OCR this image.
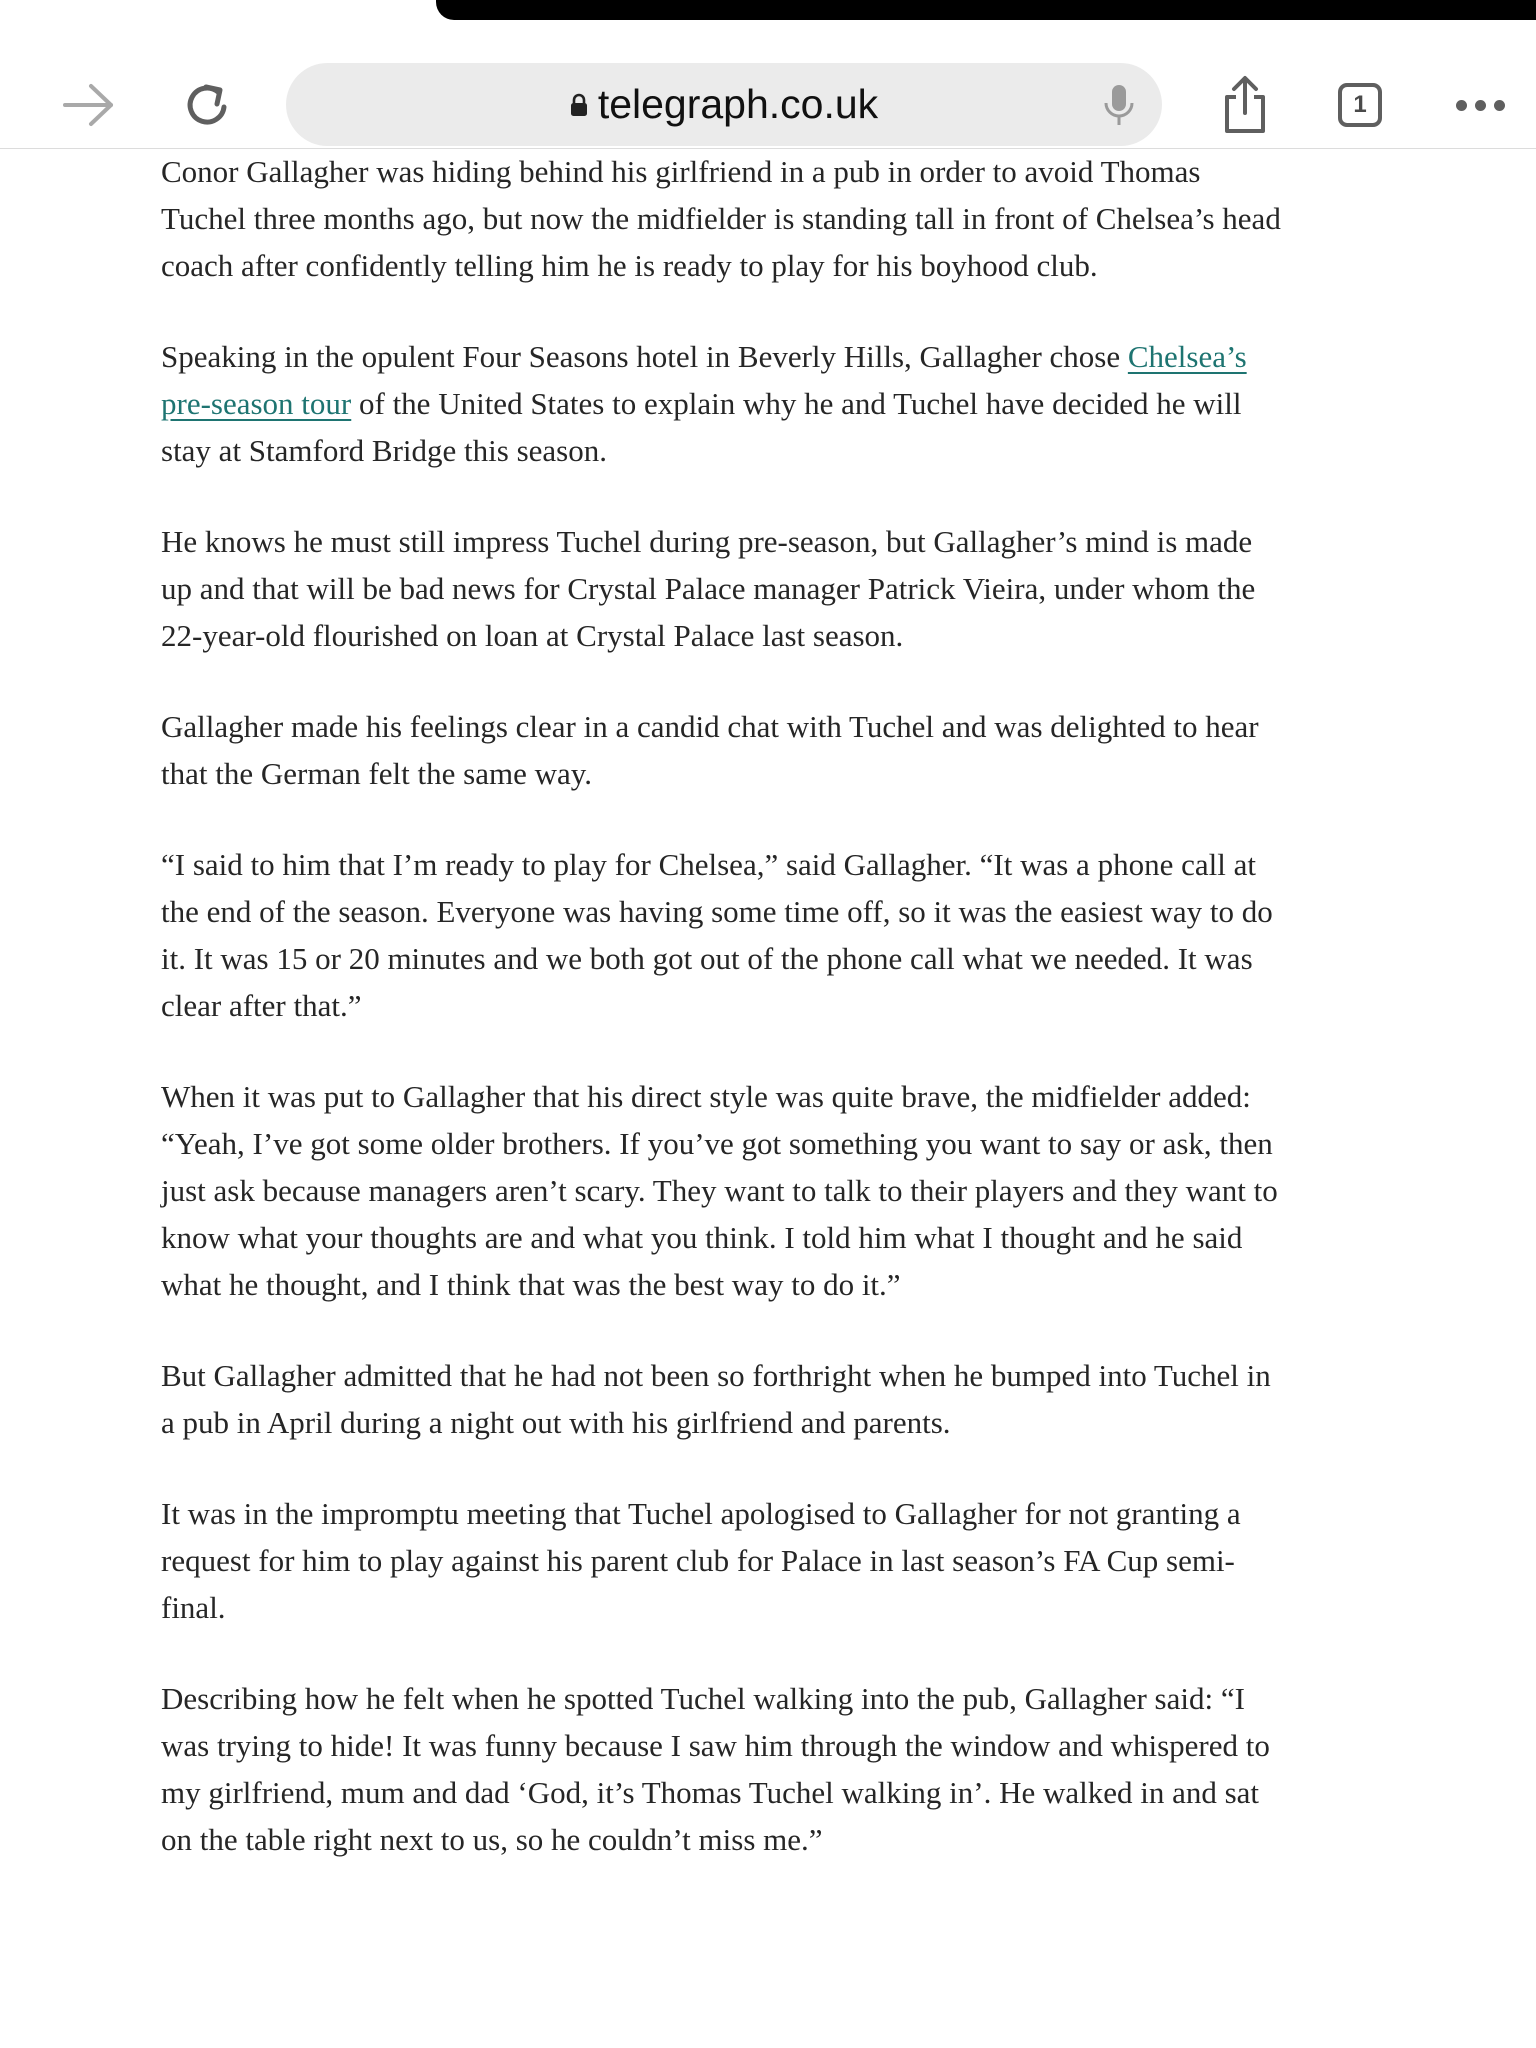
telegraph.co.uk	1

Conor Gallagher was hiding behind his girlfriend in a pub in order to avoid Thomas Tuchel three months ago, but now the midfielder is standing tall in front of Chelsea’s head coach after confidently telling him he is ready to play for his boyhood club.

Speaking in the opulent Four Seasons hotel in Beverly Hills, Gallagher chose Chelsea’s pre-season tour of the United States to explain why he and Tuchel have decided he will stay at Stamford Bridge this season.

He knows he must still impress Tuchel during pre-season, but Gallagher’s mind is made up and that will be bad news for Crystal Palace manager Patrick Vieira, under whom the 22-year-old flourished on loan at Crystal Palace last season.

Gallagher made his feelings clear in a candid chat with Tuchel and was delighted to hear that the German felt the same way.

“I said to him that I’m ready to play for Chelsea,” said Gallagher. “It was a phone call at the end of the season. Everyone was having some time off, so it was the easiest way to do it. It was 15 or 20 minutes and we both got out of the phone call what we needed. It was clear after that.”

When it was put to Gallagher that his direct style was quite brave, the midfielder added: “Yeah, I’ve got some older brothers. If you’ve got something you want to say or ask, then just ask because managers aren’t scary. They want to talk to their players and they want to know what your thoughts are and what you think. I told him what I thought and he said what he thought, and I think that was the best way to do it.”

But Gallagher admitted that he had not been so forthright when he bumped into Tuchel in a pub in April during a night out with his girlfriend and parents.

It was in the impromptu meeting that Tuchel apologised to Gallagher for not granting a request for him to play against his parent club for Palace in last season’s FA Cup semi-final.

Describing how he felt when he spotted Tuchel walking into the pub, Gallagher said: “I was trying to hide! It was funny because I saw him through the window and whispered to my girlfriend, mum and dad ‘God, it’s Thomas Tuchel walking in’. He walked in and sat on the table right next to us, so he couldn’t miss me.”
